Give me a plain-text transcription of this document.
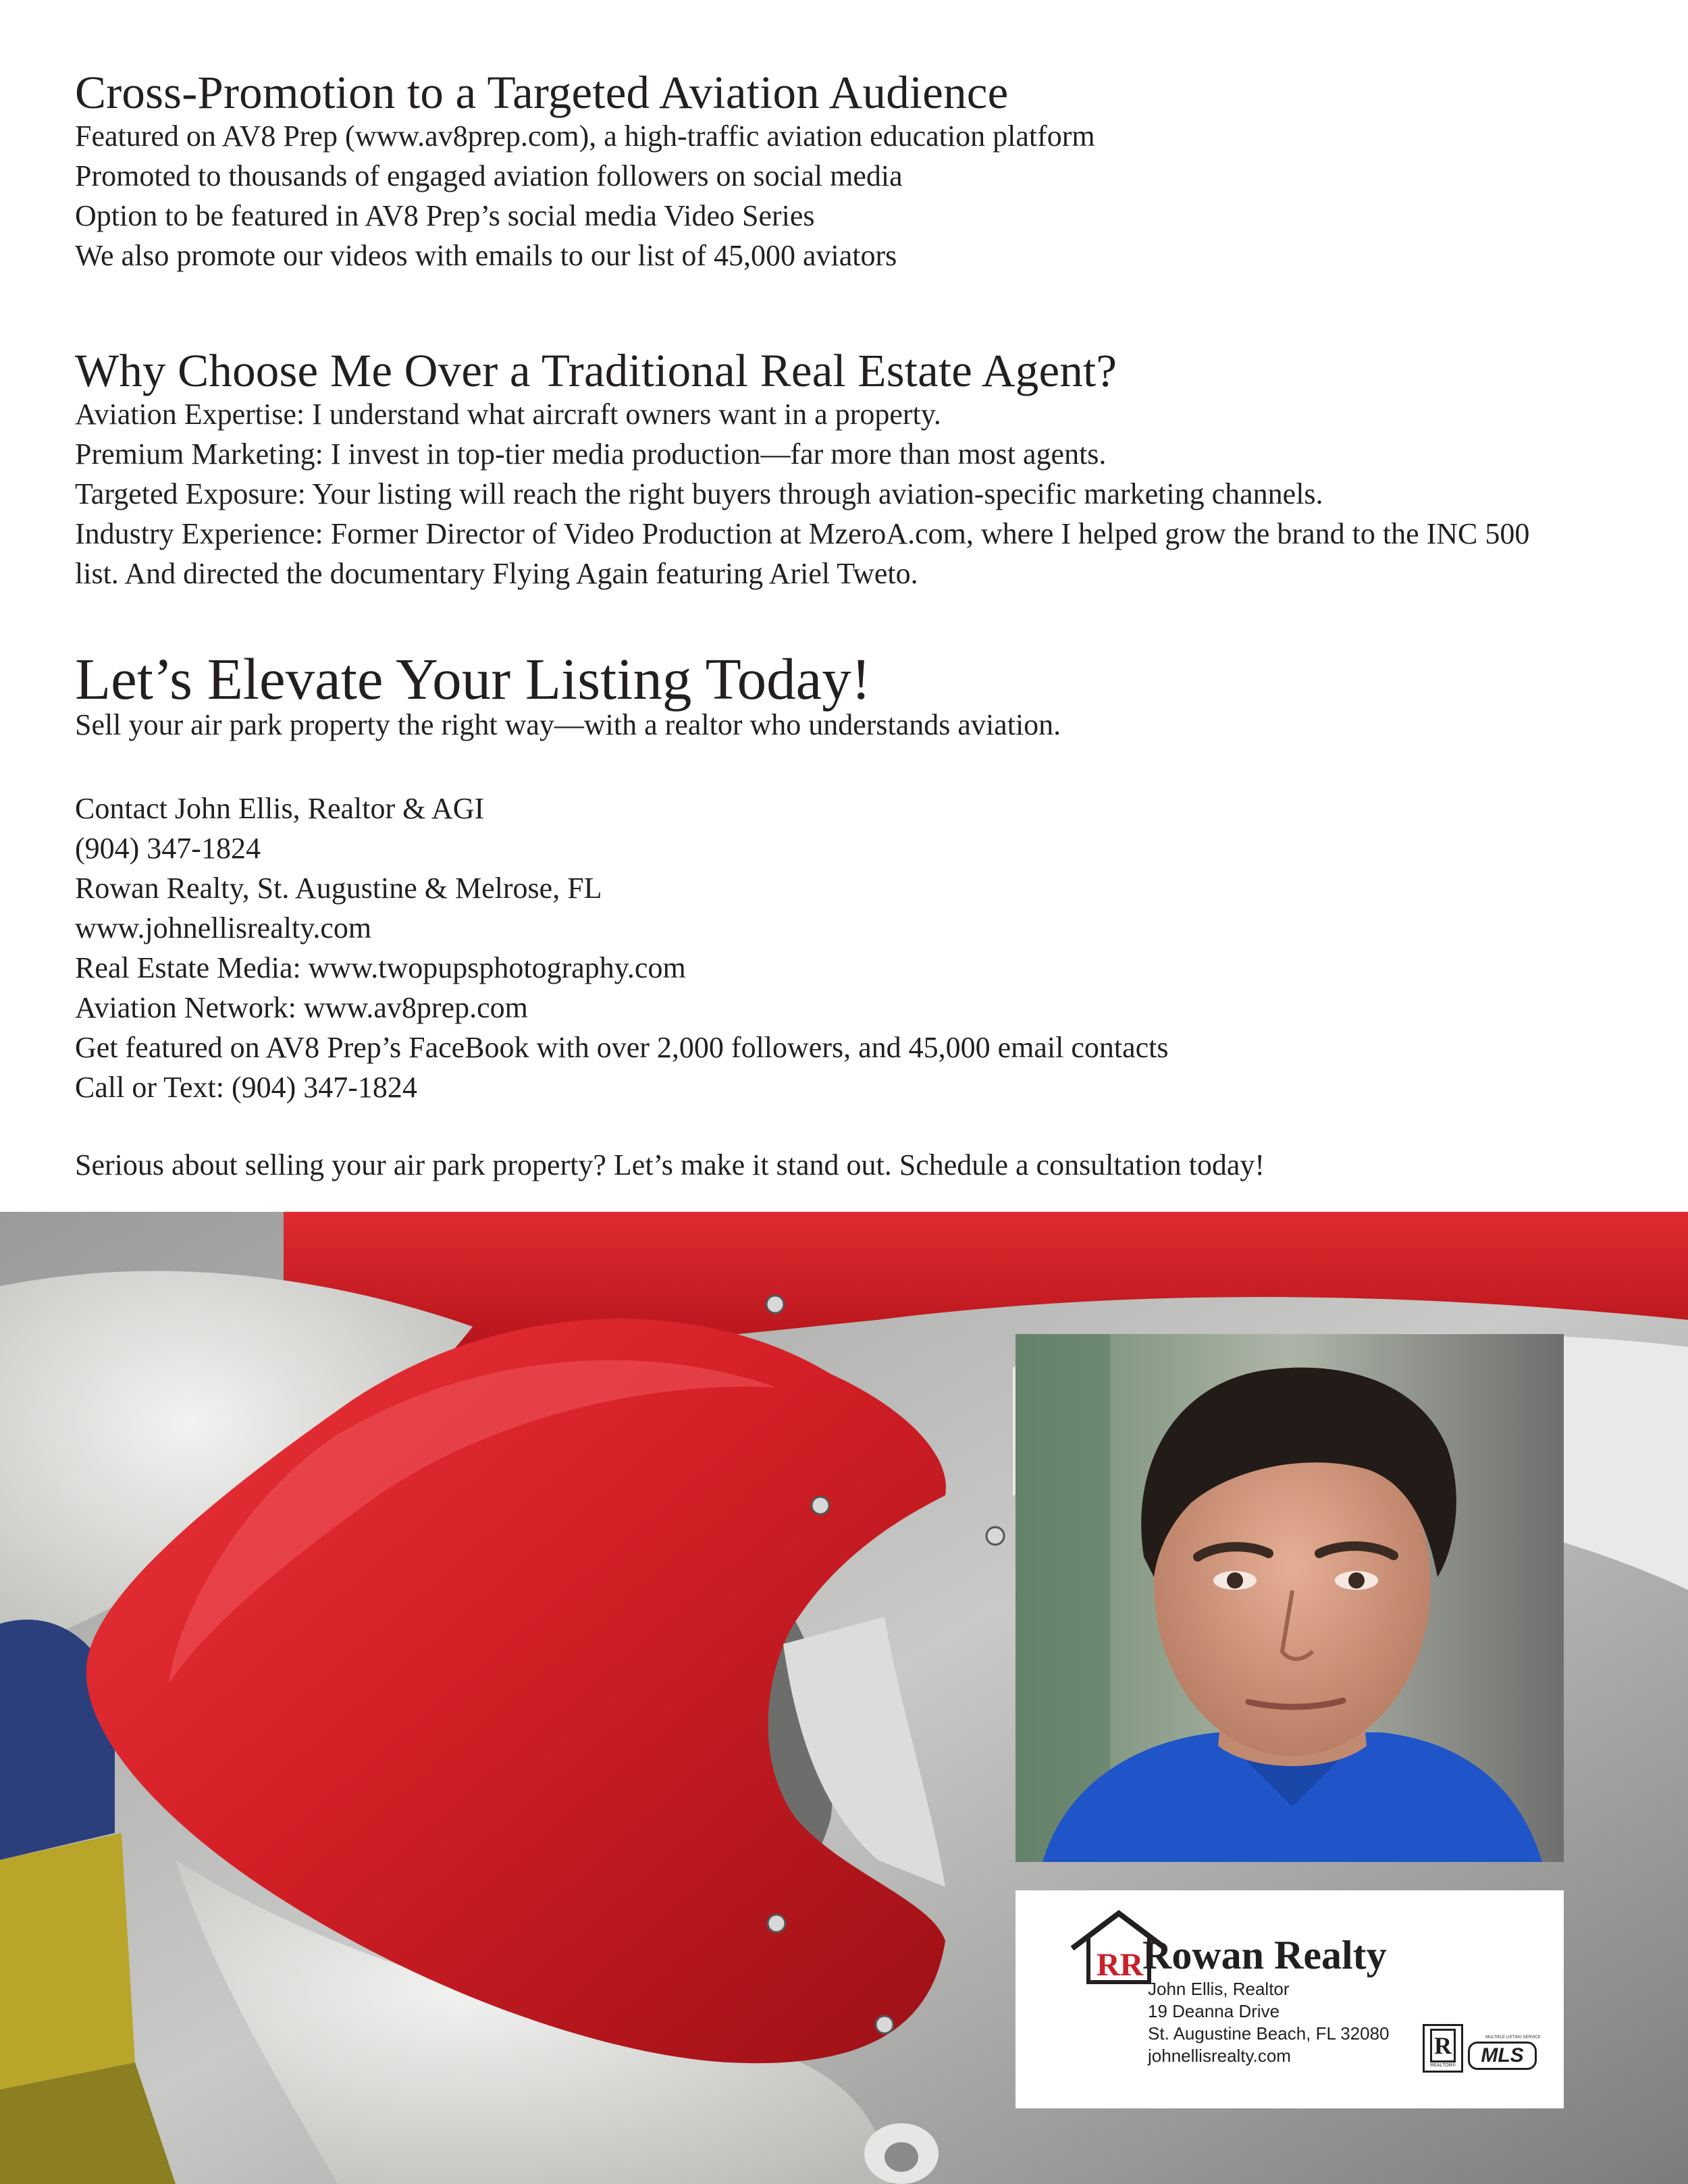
Cross-Promotion to a Targeted Aviation Audience

Featured on AV8 Prep (www.av8prep.com), a high-traffic aviation education platform

Promoted to thousands of engaged aviation followers on social media

Option to be featured in AV8 Prep’s social media Video Series

We also promote our videos with emails to our list of 45,000 aviators

Why Choose Me Over a Traditional Real Estate Agent?

Aviation Expertise: I understand what aircraft owners want in a property.

Premium Marketing: I invest in top-tier media production—far more than most agents.

Targeted Exposure: Your listing will reach the right buyers through aviation-specific marketing channels.

Industry Experience: Former Director of Video Production at MzeroA.com, where I helped grow the brand to the INC 500 list. And directed the documentary Flying Again featuring Ariel Tweto.

Let’s Elevate Your Listing Today!

Sell your air park property the right way—with a realtor who understands aviation.

Contact John Ellis, Realtor & AGI

(904) 347-1824

Rowan Realty, St. Augustine & Melrose, FL

www.johnellisrealty.com

Real Estate Media: www.twopupsphotography.com

Aviation Network: www.av8prep.com

Get featured on AV8 Prep’s FaceBook with over 2,000 followers, and 45,000 email contacts

Call or Text: (904) 347-1824

Serious about selling your air park property? Let’s make it stand out. Schedule a consultation today!

RR
Rowan Realty
John Ellis, Realtor
19 Deanna Drive
St. Augustine Beach, FL 32080
johnellisrealty.com	R
REALTOR®
MULTIPLE LISTING SERVICE
MLS
